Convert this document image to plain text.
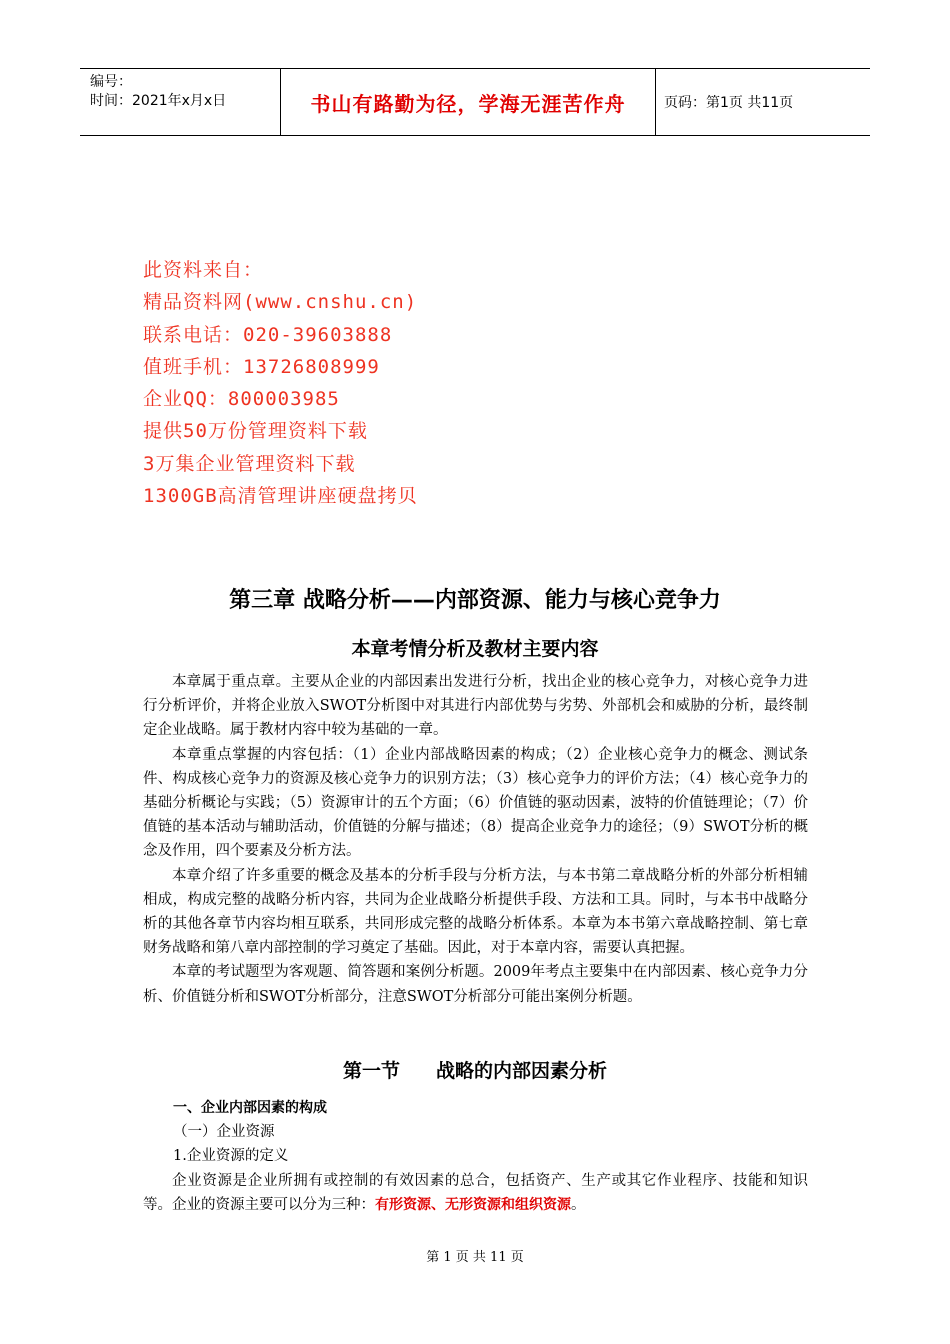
编号：
时间：2021年x月x日	书山有路勤为径，学海无涯苦作舟	页码：第1页 共11页
此资料来自：
精品资料网(www.cnshu.cn)
联系电话：020-39603888
值班手机：13726808999
企业QQ：800003985
提供50万份管理资料下载
3万集企业管理资料下载
1300GB高清管理讲座硬盘拷贝
第三章 战略分析——内部资源、能力与核心竞争力
本章考情分析及教材主要内容

本章属于重点章。主要从企业的内部因素出发进行分析，找出企业的核心竞争力，对核心竞争力进行分析评价，并将企业放入SWOT分析图中对其进行内部优势与劣势、外部机会和威胁的分析，最终制定企业战略。属于教材内容中较为基础的一章。

本章重点掌握的内容包括：（1）企业内部战略因素的构成；（2）企业核心竞争力的概念、测试条件、构成核心竞争力的资源及核心竞争力的识别方法；（3）核心竞争力的评价方法；（4）核心竞争力的基础分析概论与实践；（5）资源审计的五个方面；（6）价值链的驱动因素，波特的价值链理论；（7）价值链的基本活动与辅助活动，价值链的分解与描述；（8）提高企业竞争力的途径；（9）SWOT分析的概念及作用，四个要素及分析方法。

本章介绍了许多重要的概念及基本的分析手段与分析方法，与本书第二章战略分析的外部分析相辅相成，构成完整的战略分析内容，共同为企业战略分析提供手段、方法和工具。同时，与本书中战略分析的其他各章节内容均相互联系，共同形成完整的战略分析体系。本章为本书第六章战略控制、第七章财务战略和第八章内部控制的学习奠定了基础。因此，对于本章内容，需要认真把握。

本章的考试题型为客观题、简答题和案例分析题。2009年考点主要集中在内部因素、核心竞争力分析、价值链分析和SWOT分析部分，注意SWOT分析部分可能出案例分析题。

第一节 战略的内部因素分析
一、企业内部因素的构成
（一）企业资源
1.企业资源的定义

企业资源是企业所拥有或控制的有效因素的总合，包括资产、生产或其它作业程序、技能和知识等。企业的资源主要可以分为三种：有形资源、无形资源和组织资源。

第 1 页 共 11 页
